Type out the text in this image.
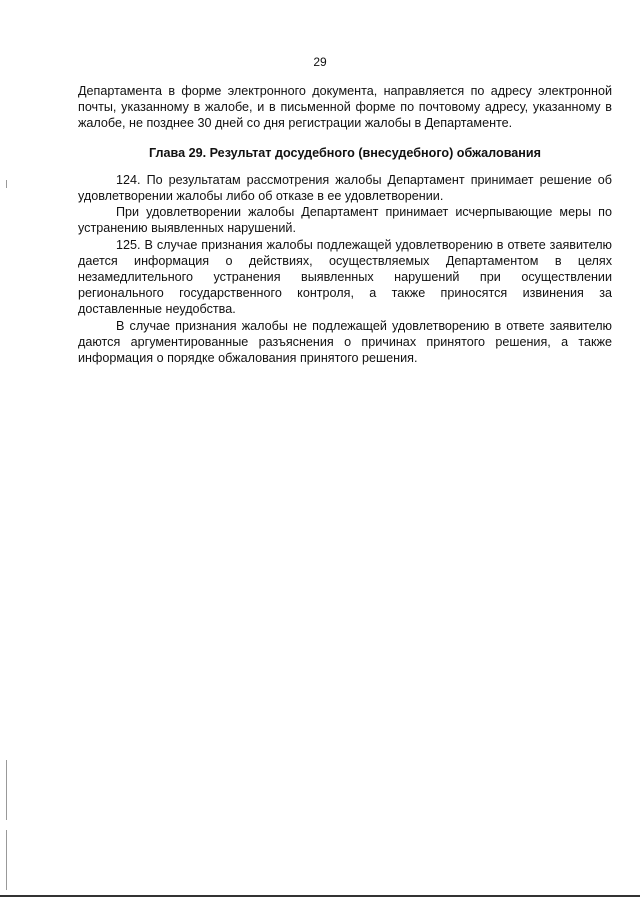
29

Департамента в форме электронного документа, направляется по адресу электронной почты, указанному в жалобе, и в письменной форме по почтовому адресу, указанному в жалобе, не позднее 30 дней со дня регистрации жалобы в Департаменте.

Глава 29. Результат досудебного (внесудебного) обжалования

124. По результатам рассмотрения жалобы Департамент принимает решение об удовлетворении жалобы либо об отказе в ее удовлетворении.

При удовлетворении жалобы Департамент принимает исчерпывающие меры по устранению выявленных нарушений.

125. В случае признания жалобы подлежащей удовлетворению в ответе заявителю дается информация о действиях, осуществляемых Департаментом в целях незамедлительного устранения выявленных нарушений при осуществлении регионального государственного контроля, а также приносятся извинения за доставленные неудобства.

В случае признания жалобы не подлежащей удовлетворению в ответе заявителю даются аргументированные разъяснения о причинах принятого решения, а также информация о порядке обжалования принятого решения.
